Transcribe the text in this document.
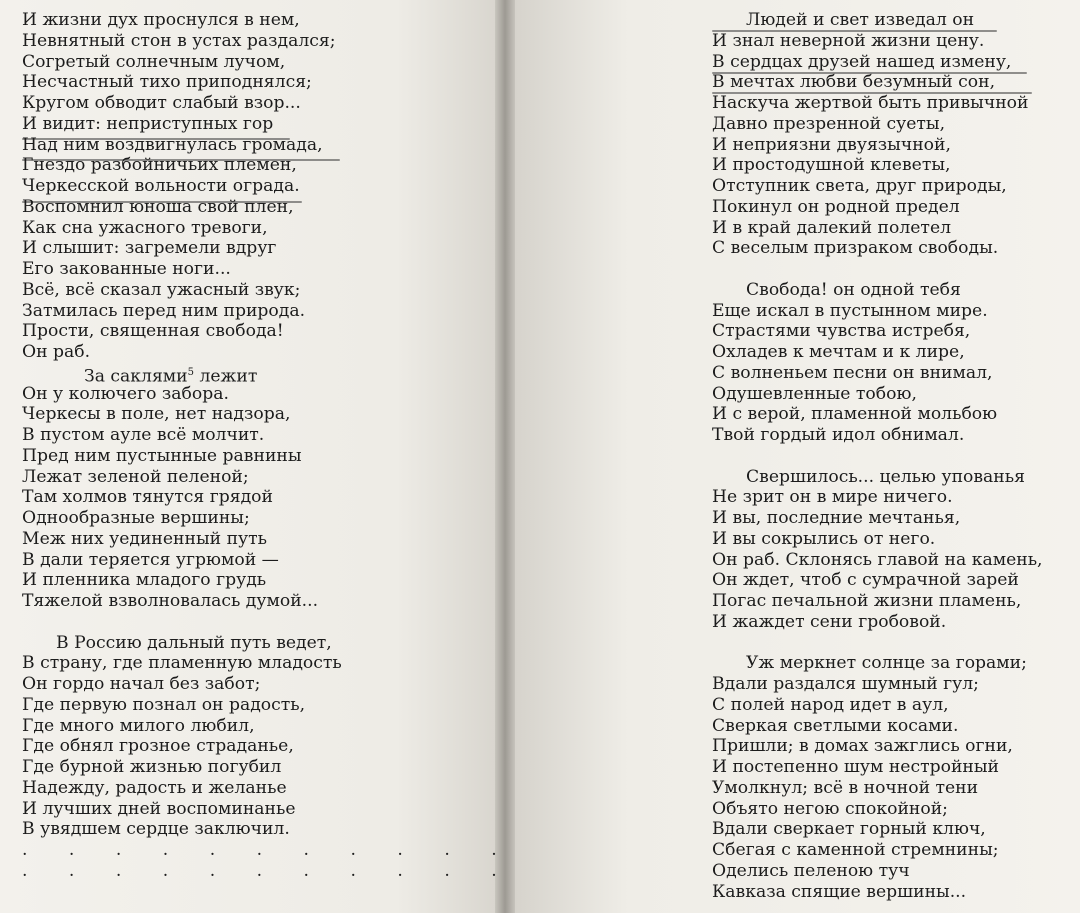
И жизни дух проснулся в нем,
Невнятный стон в устах раздался;
Согретый солнечным лучом,
Несчастный тихо приподнялся;
Кругом обводит слабый взор...
И видит: неприступных гор
Над ним воздвигнулась громада,
Гнездо разбойничьих племен,
Черкесской вольности ограда.
Воспомнил юноша свой плен,
Как сна ужасного тревоги,
И слышит: загремели вдруг
Его закованные ноги...
Всё, всё сказал ужасный звук;
Затмилась перед ним природа.
Прости, священная свобода!
Он раб.
За саклями$^5$ лежит
Он у колючего забора.
Черкесы в поле, нет надзора,
В пустом ауле всё молчит.
Пред ним пустынные равнины
Лежат зеленой пеленой;
Там холмов тянутся грядой
Однообразные вершины;
Меж них уединенный путь
В дали теряется угрюмой —
И пленника младого грудь
Тяжелой взволновалась думой...
В Россию дальный путь ведет,
В страну, где пламенную младость
Он гордо начал без забот;
Где первую познал он радость,
Где много милого любил,
Где обнял грозное страданье,
Где бурной жизнью погубил
Надежду, радость и желанье
И лучших дней воспоминанье
В увядшем сердце заключил.
. . . . . . . . . . .
. . . . . . . . . . .
Людей и свет изведал он
И знал неверной жизни цену.
В сердцах друзей нашед измену,
В мечтах любви безумный сон,
Наскуча жертвой быть привычной
Давно презренной суеты,
И неприязни двуязычной,
И простодушной клеветы,
Отступник света, друг природы,
Покинул он родной предел
И в край далекий полетел
С веселым призраком свободы.
Свобода! он одной тебя
Еще искал в пустынном мире.
Страстями чувства истребя,
Охладев к мечтам и к лире,
С волненьем песни он внимал,
Одушевленные тобою,
И с верой, пламенной мольбою
Твой гордый идол обнимал.
Свершилось... целью упованья
Не зрит он в мире ничего.
И вы, последние мечтанья,
И вы сокрылись от него.
Он раб. Склонясь главой на камень,
Он ждет, чтоб с сумрачной зарей
Погас печальной жизни пламень,
И жаждет сени гробовой.
Уж меркнет солнце за горами;
Вдали раздался шумный гул;
С полей народ идет в аул,
Сверкая светлыми косами.
Пришли; в домах зажглись огни,
И постепенно шум нестройный
Умолкнул; всё в ночной тени
Объято негою спокойной;
Вдали сверкает горный ключ,
Сбегая с каменной стремнины;
Оделись пеленою туч
Кавказа спящие вершины...
